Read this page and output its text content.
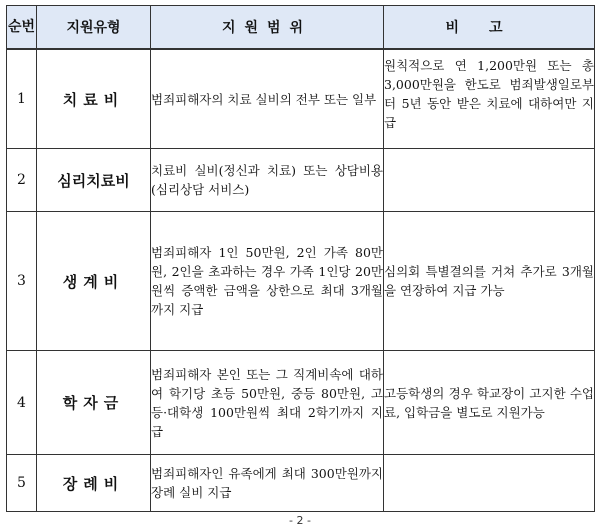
순번	지원유형	지원범위	비고
1	치료비	범죄피해자의 치료 실비의 전부 또는 일부	원칙적으로 연 1,200만원 또는 총 3,000만원을 한도로 범죄발생일로부터 5년 동안 받은 치료에 대하여만 지급
2	심리치료비	치료비 실비(정신과 치료) 또는 상담비용(심리상담 서비스)	
3	생계비	범죄피해자 1인 50만원, 2인 가족 80만원, 2인을 초과하는 경우 가족 1인당 20만원씩 증액한 금액을 상한으로 최대 3개월까지 지급	심의회 특별결의를 거쳐 추가로 3개월을 연장하여 지급 가능
4	학자금	범죄피해자 본인 또는 그 직계비속에 대하여 학기당 초등 50만원, 중등 80만원, 고등·대학생 100만원씩 최대 2학기까지 지급	고등학생의 경우 학교장이 고지한 수업료, 입학금을 별도로 지원가능
5	장례비	범죄피해자인 유족에게 최대 300만원까지 장례 실비 지급	
- 2 -
